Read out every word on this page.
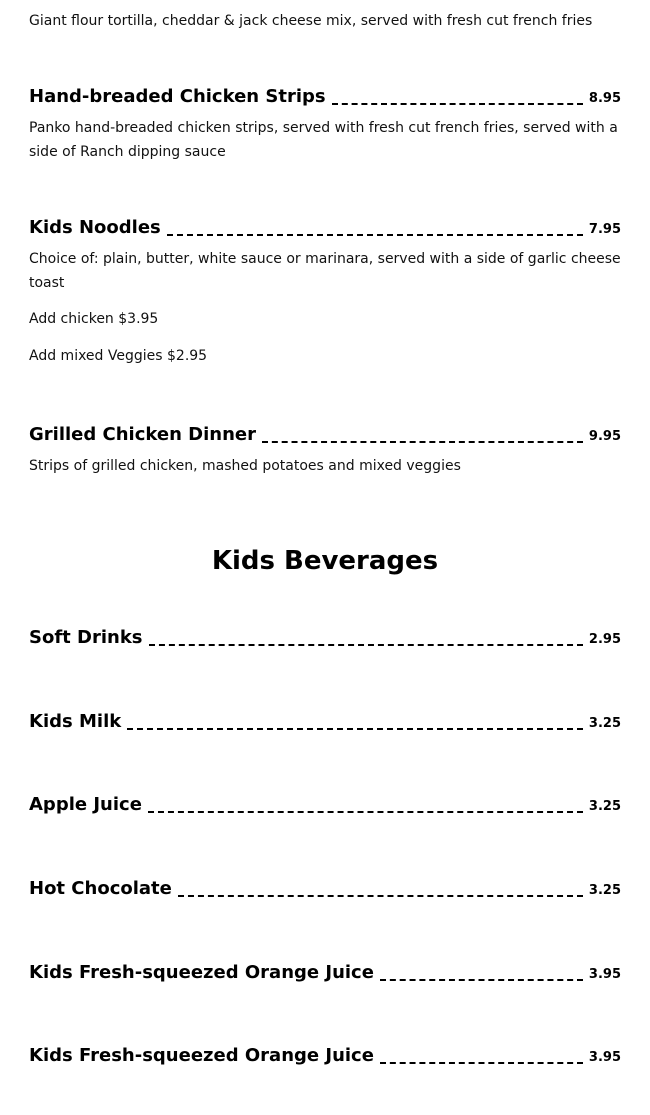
Giant flour tortilla, cheddar & jack cheese mix, served with fresh cut french fries

Hand-breaded Chicken Strips	8.95

Panko hand-breaded chicken strips, served with fresh cut french fries, served with a side of Ranch dipping sauce

Kids Noodles	7.95

Choice of: plain, butter, white sauce or marinara, served with a side of garlic cheese toast

Add chicken $3.95

Add mixed Veggies $2.95

Grilled Chicken Dinner	9.95

Strips of grilled chicken, mashed potatoes and mixed veggies

Kids Beverages
Soft Drinks	2.95
Kids Milk	3.25
Apple Juice	3.25
Hot Chocolate	3.25
Kids Fresh-squeezed Orange Juice	3.95
Kids Fresh-squeezed Orange Juice	3.95
